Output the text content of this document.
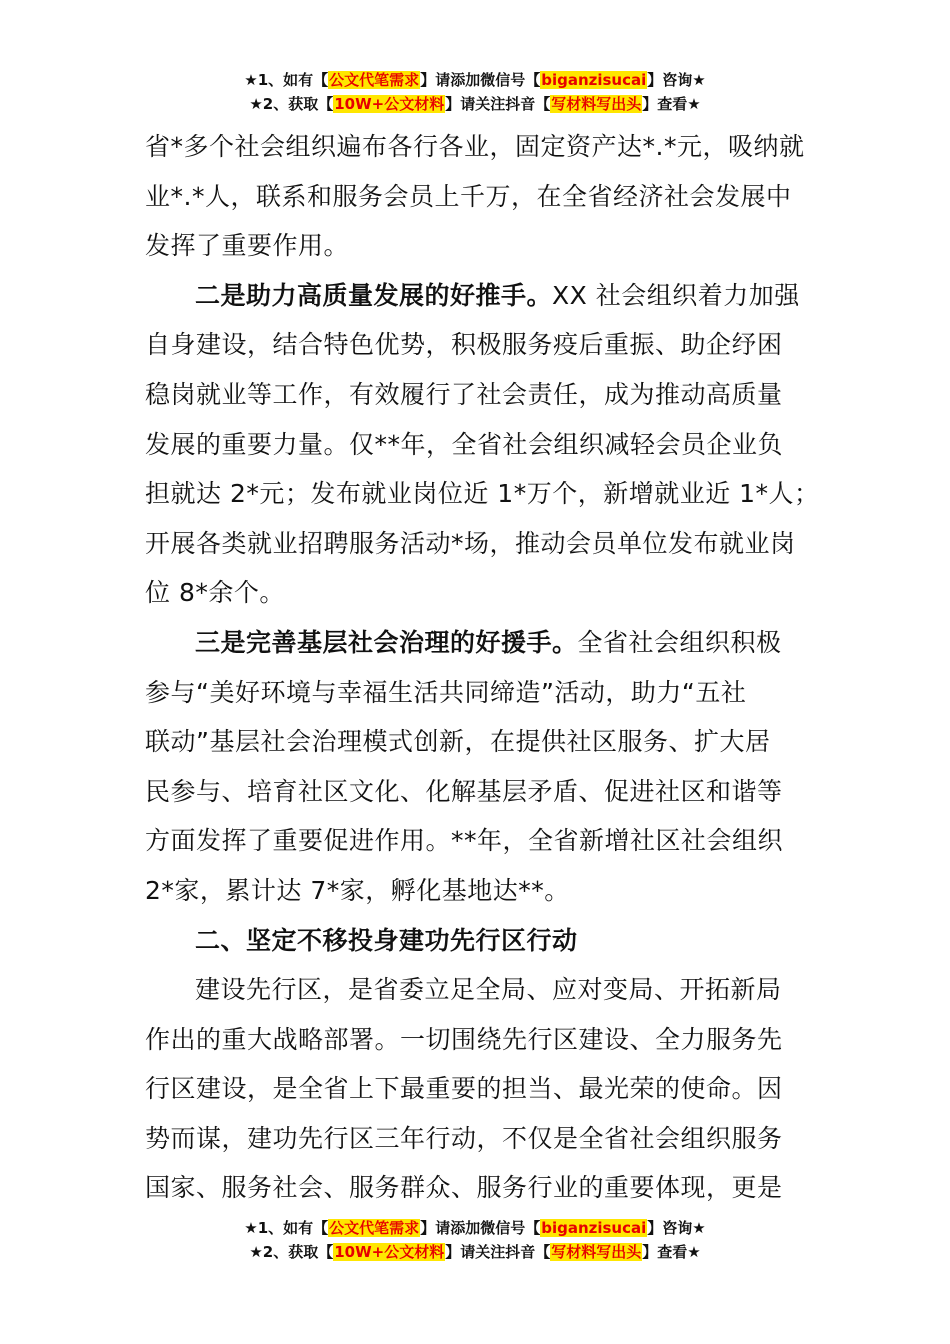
★1、如有【公文代笔需求】请添加微信号【biganzisucai】咨询★
★2、获取【10W+公文材料】请关注抖音【写材料写出头】查看★

省*多个社会组织遍布各行各业，固定资产达*.*元，吸纳就

业*.*人，联系和服务会员上千万，在全省经济社会发展中

发挥了重要作用。

二是助力高质量发展的好推手。XX 社会组织着力加强

自身建设，结合特色优势，积极服务疫后重振、助企纾困

稳岗就业等工作，有效履行了社会责任，成为推动高质量

发展的重要力量。仅**年，全省社会组织减轻会员企业负

担就达 2*元；发布就业岗位近 1*万个，新增就业近 1*人；

开展各类就业招聘服务活动*场，推动会员单位发布就业岗

位 8*余个。

三是完善基层社会治理的好援手。全省社会组织积极

参与“美好环境与幸福生活共同缔造”活动，助力“五社

联动”基层社会治理模式创新，在提供社区服务、扩大居

民参与、培育社区文化、化解基层矛盾、促进社区和谐等

方面发挥了重要促进作用。**年，全省新增社区社会组织

2*家，累计达 7*家，孵化基地达**。

二、坚定不移投身建功先行区行动

建设先行区，是省委立足全局、应对变局、开拓新局

作出的重大战略部署。一切围绕先行区建设、全力服务先

行区建设，是全省上下最重要的担当、最光荣的使命。因

势而谋，建功先行区三年行动，不仅是全省社会组织服务

国家、服务社会、服务群众、服务行业的重要体现，更是

★1、如有【公文代笔需求】请添加微信号【biganzisucai】咨询★
★2、获取【10W+公文材料】请关注抖音【写材料写出头】查看★
